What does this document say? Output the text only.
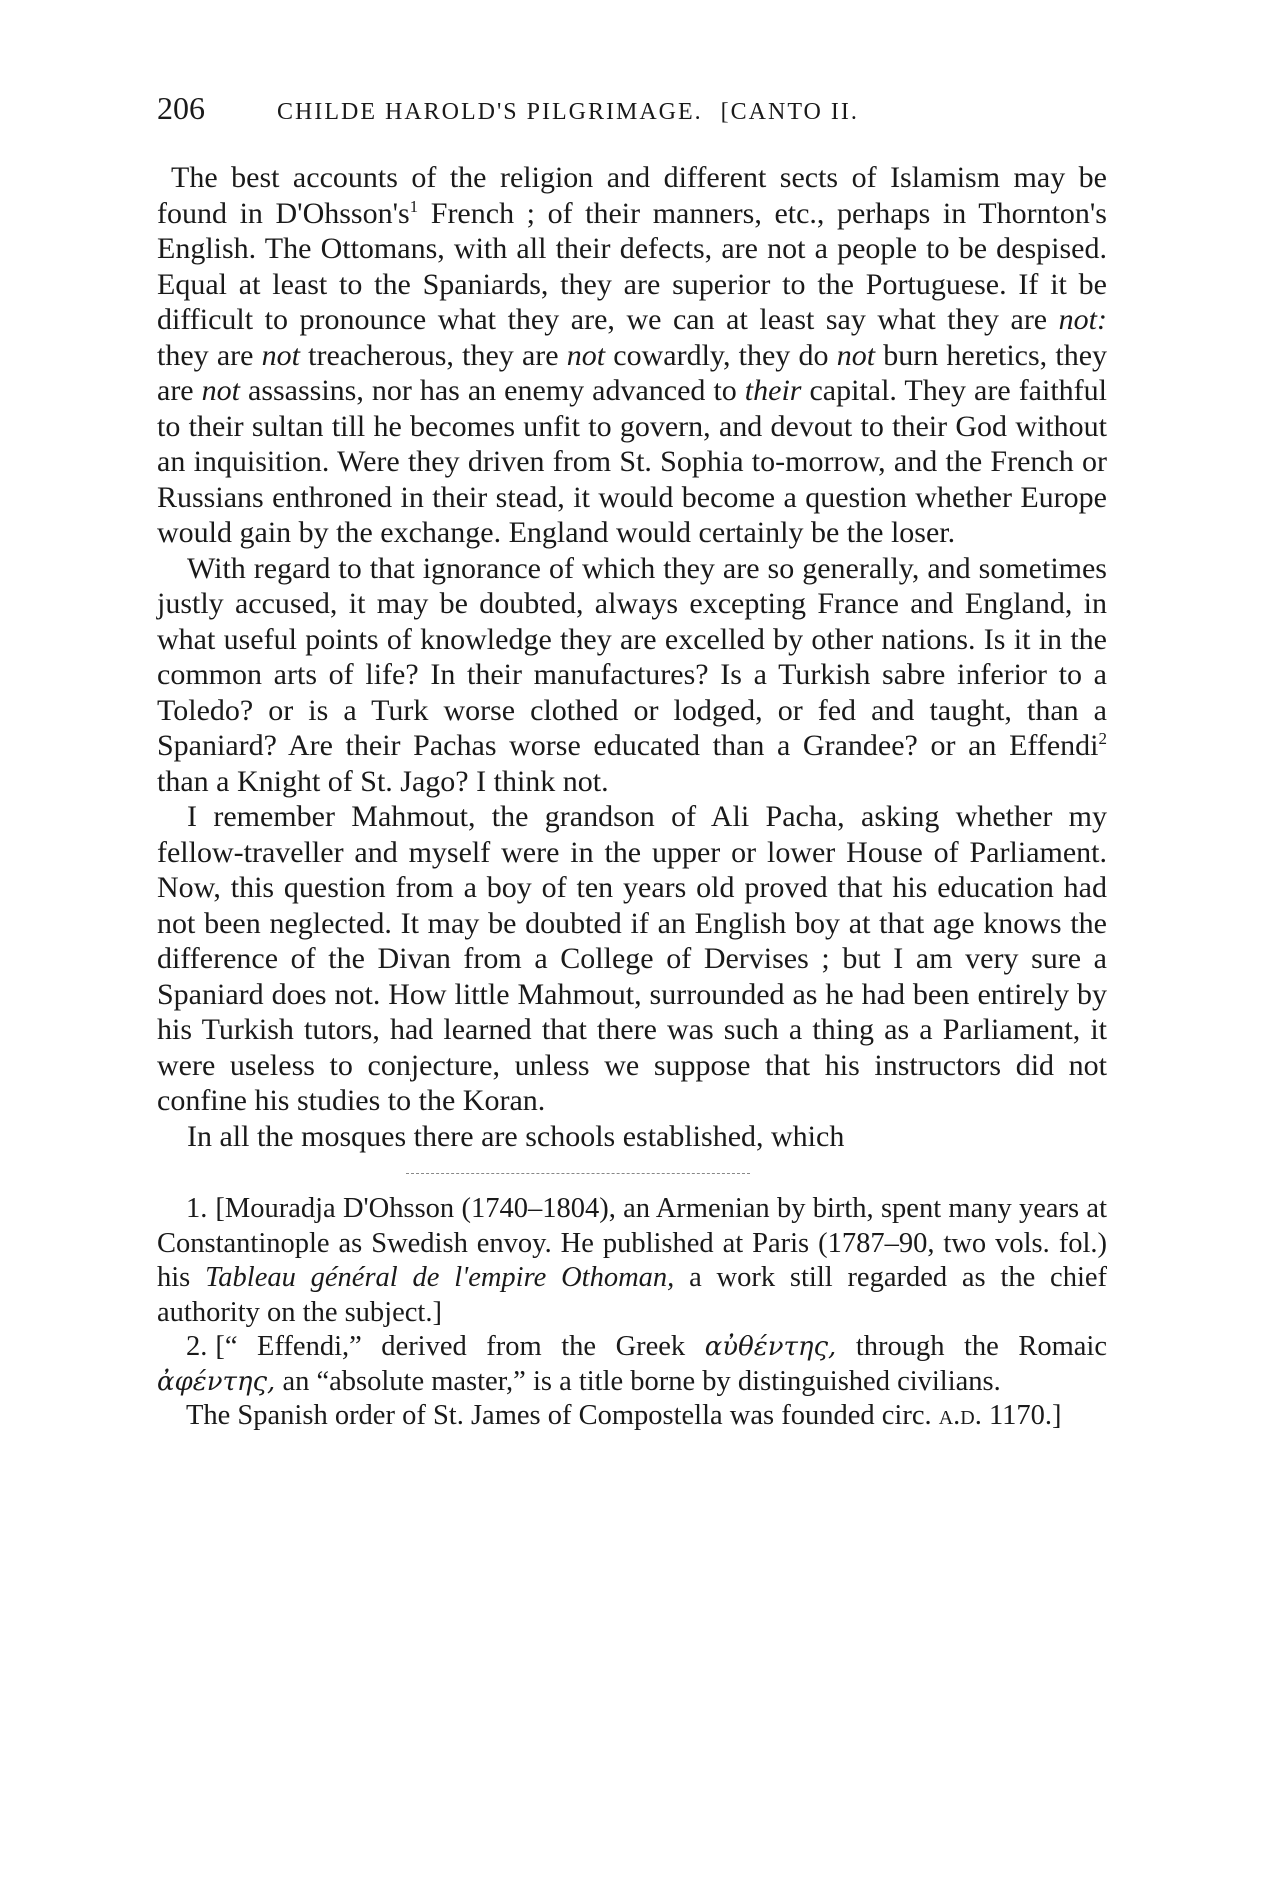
206	CHILDE HAROLD'S PILGRIMAGE. [CANTO II.

The best accounts of the religion and different sects of Islamism may be found in $D'Ohsson's^1$ French ; of their manners, etc., perhaps in Thornton's English. The Ottomans, with all their defects, are not a people to be despised. Equal at least to the Spaniards, they are superior to the Portuguese. If it be difficult to pronounce what they are, we can at least say what they are not: they are not treacherous, they are not cowardly, they do not burn heretics, they are not assassins, nor has an enemy advanced to their capital. They are faithful to their sultan till he becomes unfit to govern, and devout to their God without an inquisition. Were they driven from St. Sophia to-morrow, and the French or Russians enthroned in their stead, it would become a question whether Europe would gain by the exchange. England would certainly be the loser.

With regard to that ignorance of which they are so generally, and sometimes justly accused, it may be doubted, always excepting France and England, in what useful points of knowledge they are excelled by other nations. Is it in the common arts of life? In their manufactures? Is a Turkish sabre inferior to a Toledo? or is a Turk worse clothed or lodged, or fed and taught, than a Spaniard? Are their Pachas worse educated than a Grandee? or an Effendi$^2$ than a Knight of St. Jago? I think not.

I remember Mahmout, the grandson of Ali Pacha, asking whether my fellow-traveller and myself were in the upper or lower House of Parliament. Now, this question from a boy of ten years old proved that his education had not been neglected. It may be doubted if an English boy at that age knows the difference of the Divan from a College of Dervises ; but I am very sure a Spaniard does not. How little Mahmout, surrounded as he had been entirely by his Turkish tutors, had learned that there was such a thing as a Parliament, it were useless to conjecture, unless we suppose that his instructors did not confine his studies to the Koran.

In all the mosques there are schools established, which

1. [Mouradja D'Ohsson (1740–1804), an Armenian by birth, spent many years at Constantinople as Swedish envoy. He published at Paris (1787–90, two vols. fol.) his Tableau général de l'empire Othoman, a work still regarded as the chief authority on the subject.]

2. [“ Effendi,” derived from the Greek αὐθέντης, through the Romaic ἀφέντης, an “absolute master,” is a title borne by distinguished civilians.

The Spanish order of St. James of Compostella was founded circ. a.d. 1170.]
